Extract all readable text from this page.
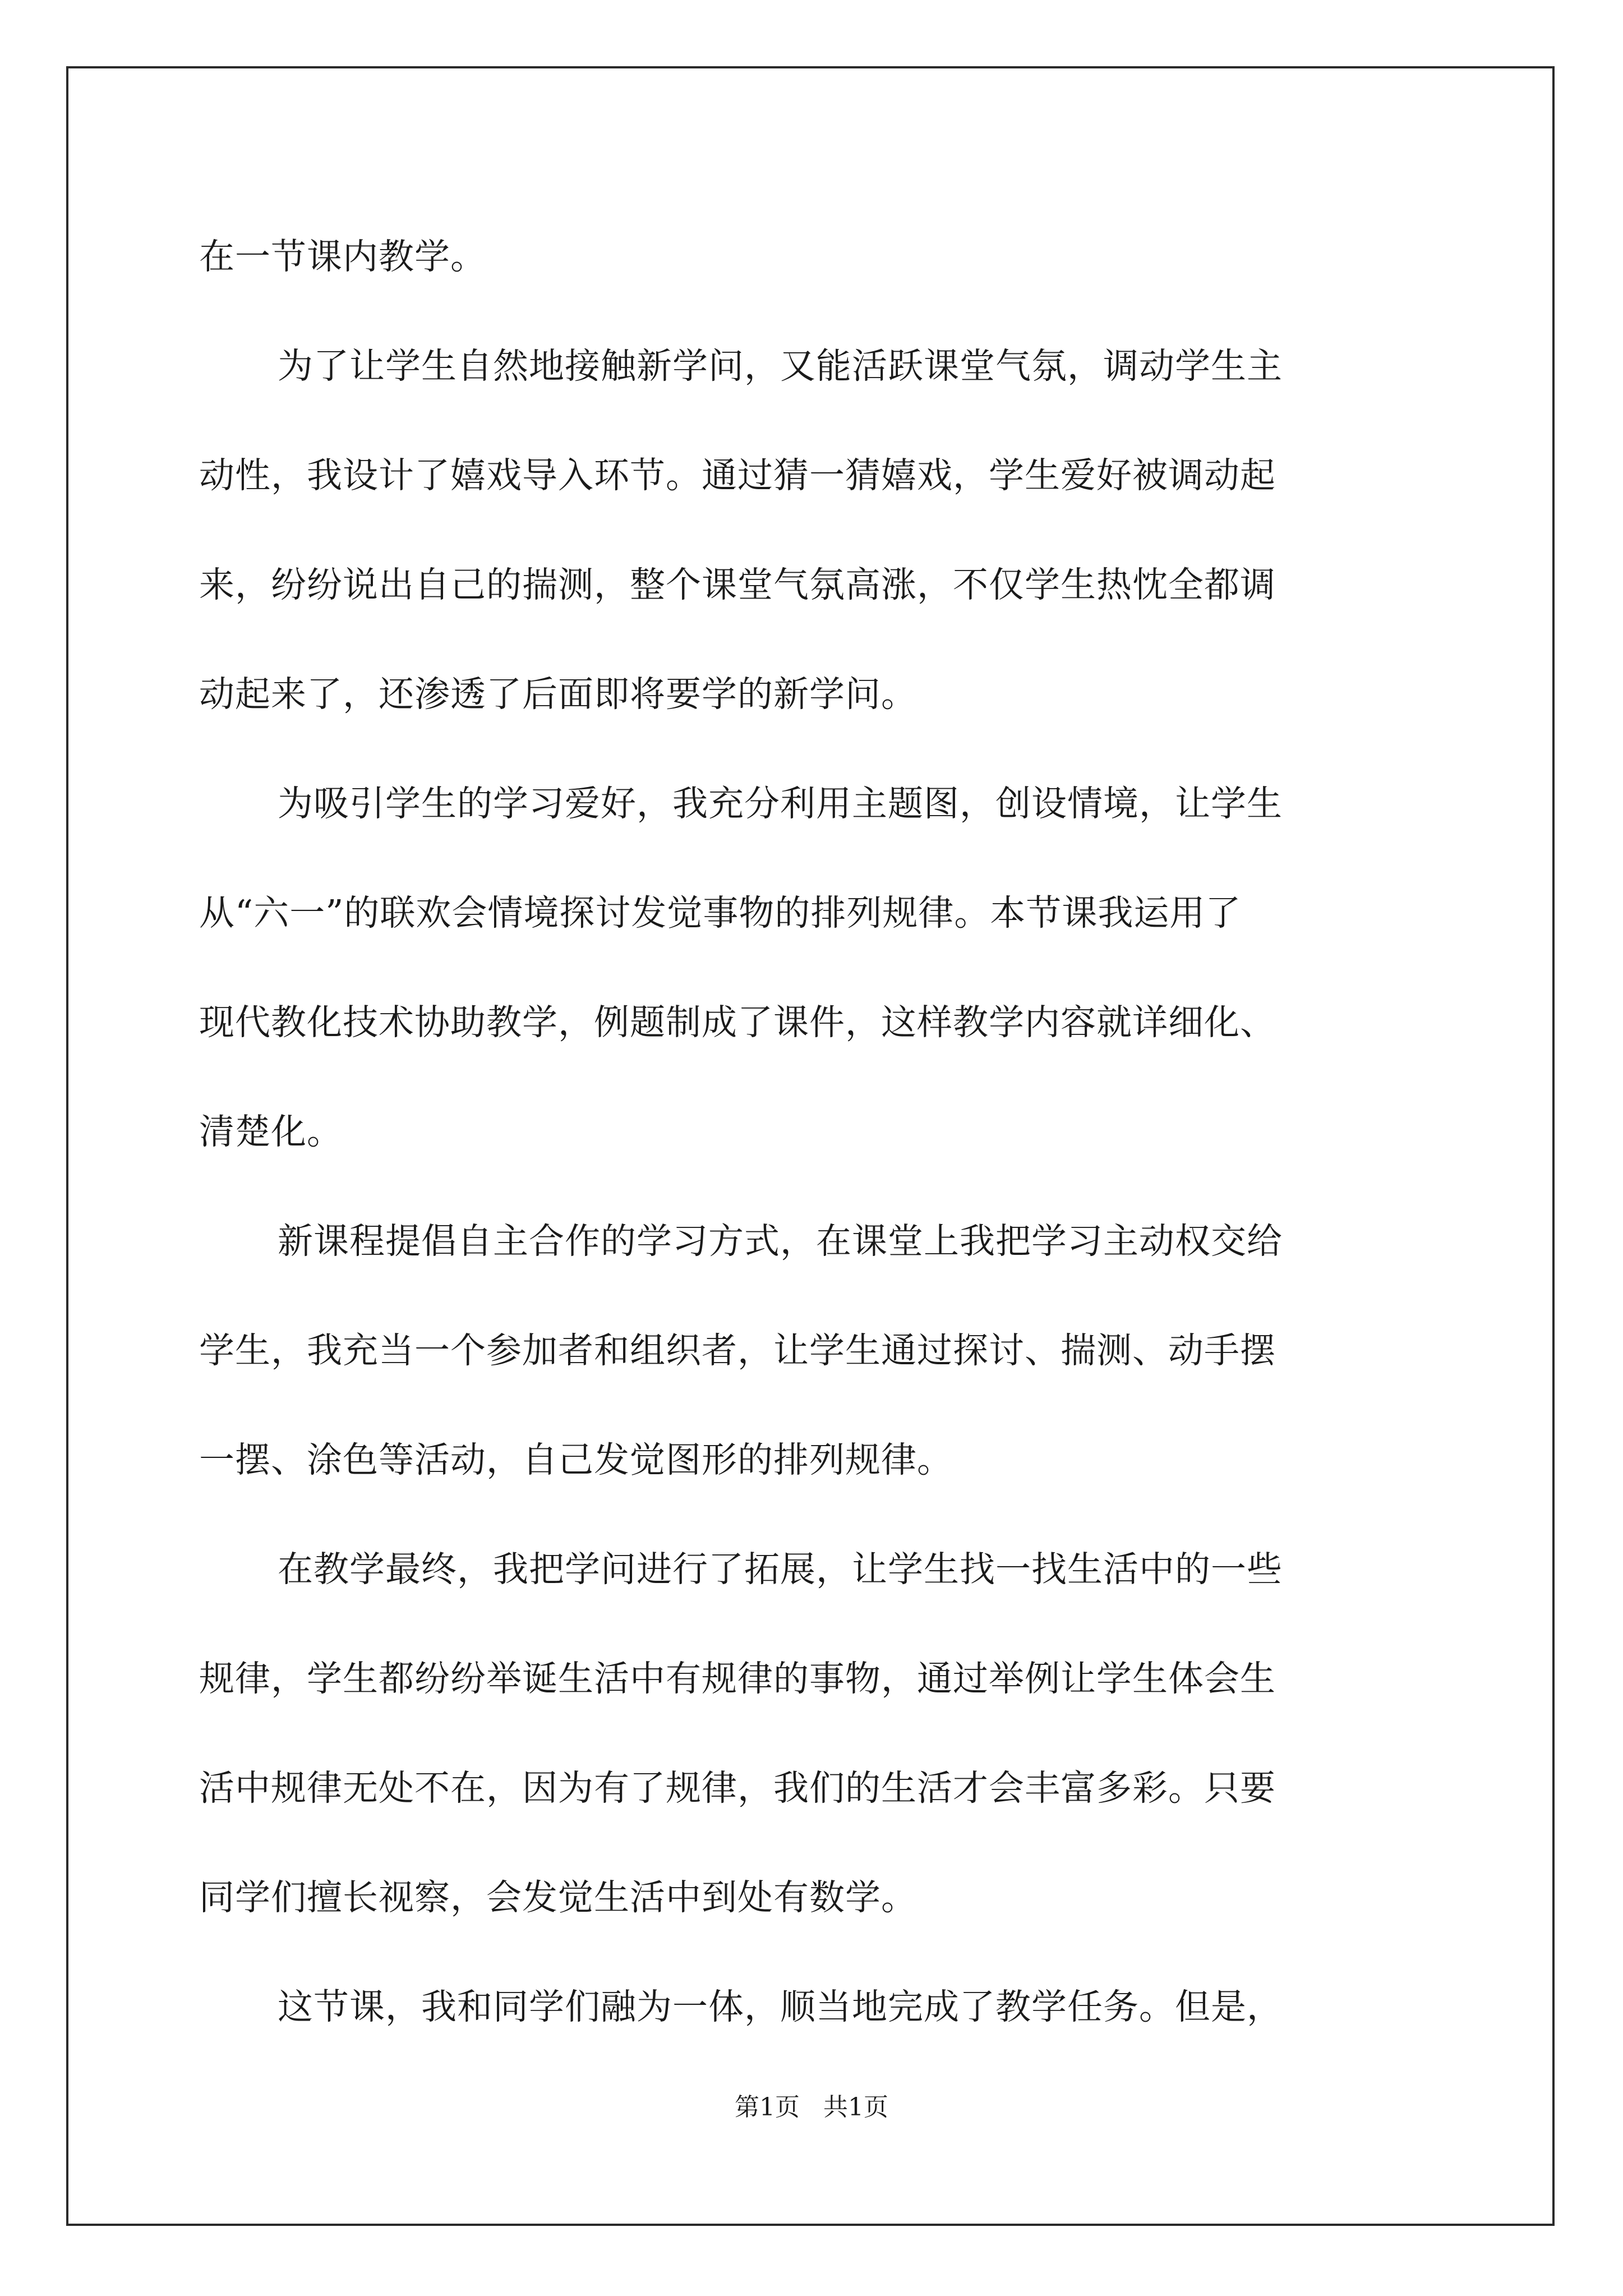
在一节课内教学。
为了让学生自然地接触新学问，又能活跃课堂气氛，调动学生主
动性，我设计了嬉戏导入环节。通过猜一猜嬉戏，学生爱好被调动起
来，纷纷说出自己的揣测，整个课堂气氛高涨，不仅学生热忱全都调
动起来了，还渗透了后面即将要学的新学问。
为吸引学生的学习爱好，我充分利用主题图，创设情境，让学生
从“六一”的联欢会情境探讨发觉事物的排列规律。本节课我运用了
现代教化技术协助教学，例题制成了课件，这样教学内容就详细化、
清楚化。
新课程提倡自主合作的学习方式，在课堂上我把学习主动权交给
学生，我充当一个参加者和组织者，让学生通过探讨、揣测、动手摆
一摆、涂色等活动，自己发觉图形的排列规律。
在教学最终，我把学问进行了拓展，让学生找一找生活中的一些
规律，学生都纷纷举诞生活中有规律的事物，通过举例让学生体会生
活中规律无处不在，因为有了规律，我们的生活才会丰富多彩。只要
同学们擅长视察，会发觉生活中到处有数学。
这节课，我和同学们融为一体，顺当地完成了教学任务。但是，
第1页   共1页
